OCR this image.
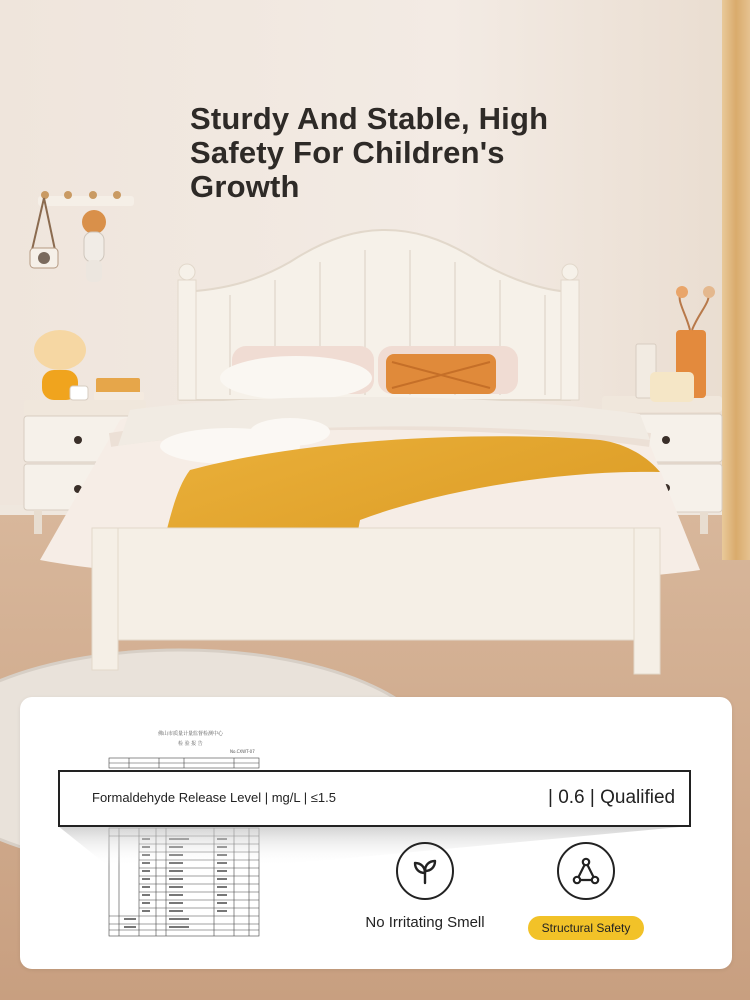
Sturdy And Stable, High
Safety For Children's
Growth
佛山市质量计量监督检测中心
检 验 报 告
No.CXWT-07
Formaldehyde Release Level | mg/L | ≤1.5	| 0.6 | Qualified
No Irritating Smell	Structural Safety
